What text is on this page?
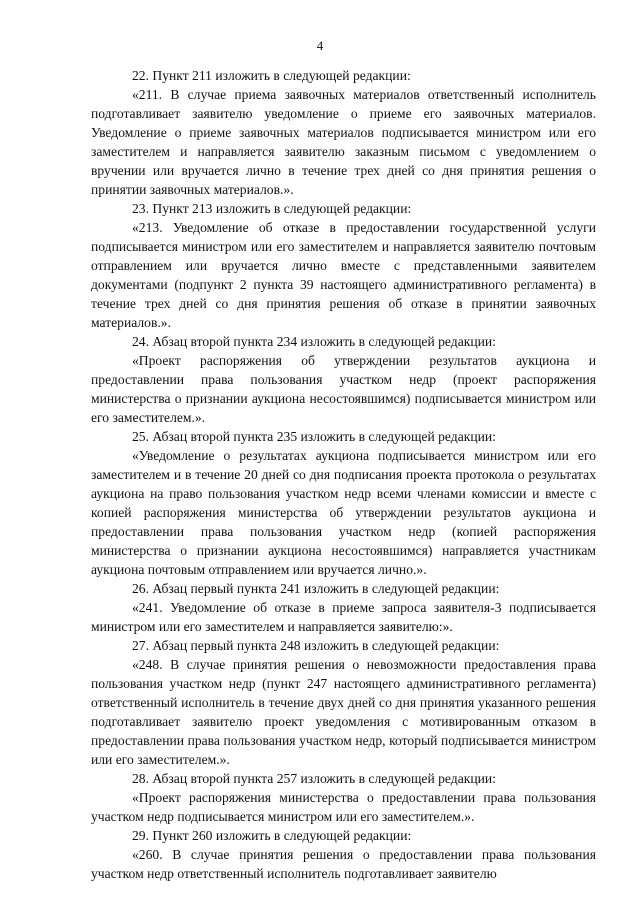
4

22. Пункт 211 изложить в следующей редакции:

«211. В случае приема заявочных материалов ответственный исполнитель подготавливает заявителю уведомление о приеме его заявочных материалов. Уведомление о приеме заявочных материалов подписывается министром или его заместителем и направляется заявителю заказным письмом с уведомлением о вручении или вручается лично в течение трех дней со дня принятия решения о принятии заявочных материалов.».

23. Пункт 213 изложить в следующей редакции:

«213. Уведомление об отказе в предоставлении государственной услуги подписывается министром или его заместителем и направляется заявителю почтовым отправлением или вручается лично вместе с представленными заявителем документами (подпункт 2 пункта 39 настоящего административного регламента) в течение трех дней со дня принятия решения об отказе в принятии заявочных материалов.».

24. Абзац второй пункта 234 изложить в следующей редакции:

«Проект распоряжения об утверждении результатов аукциона и предоставлении права пользования участком недр (проект распоряжения министерства о признании аукциона несостоявшимся) подписывается министром или его заместителем.».

25. Абзац второй пункта 235 изложить в следующей редакции:

«Уведомление о результатах аукциона подписывается министром или его заместителем и в течение 20 дней со дня подписания проекта протокола о результатах аукциона на право пользования участком недр всеми членами комиссии и вместе с копией распоряжения министерства об утверждении результатов аукциона и предоставлении права пользования участком недр (копией распоряжения министерства о признании аукциона несостоявшимся) направляется участникам аукциона почтовым отправлением или вручается лично.».

26. Абзац первый пункта 241 изложить в следующей редакции:

«241. Уведомление об отказе в приеме запроса заявителя-3 подписывается министром или его заместителем и направляется заявителю:».

27. Абзац первый пункта 248 изложить в следующей редакции:

«248. В случае принятия решения о невозможности предоставления права пользования участком недр (пункт 247 настоящего административного регламента) ответственный исполнитель в течение двух дней со дня принятия указанного решения подготавливает заявителю проект уведомления с мотивированным отказом в предоставлении права пользования участком недр, который подписывается министром или его заместителем.».

28. Абзац второй пункта 257 изложить в следующей редакции:

«Проект распоряжения министерства о предоставлении права пользования участком недр подписывается министром или его заместителем.».

29. Пункт 260 изложить в следующей редакции:

«260. В случае принятия решения о предоставлении права пользования участком недр ответственный исполнитель подготавливает заявителю
